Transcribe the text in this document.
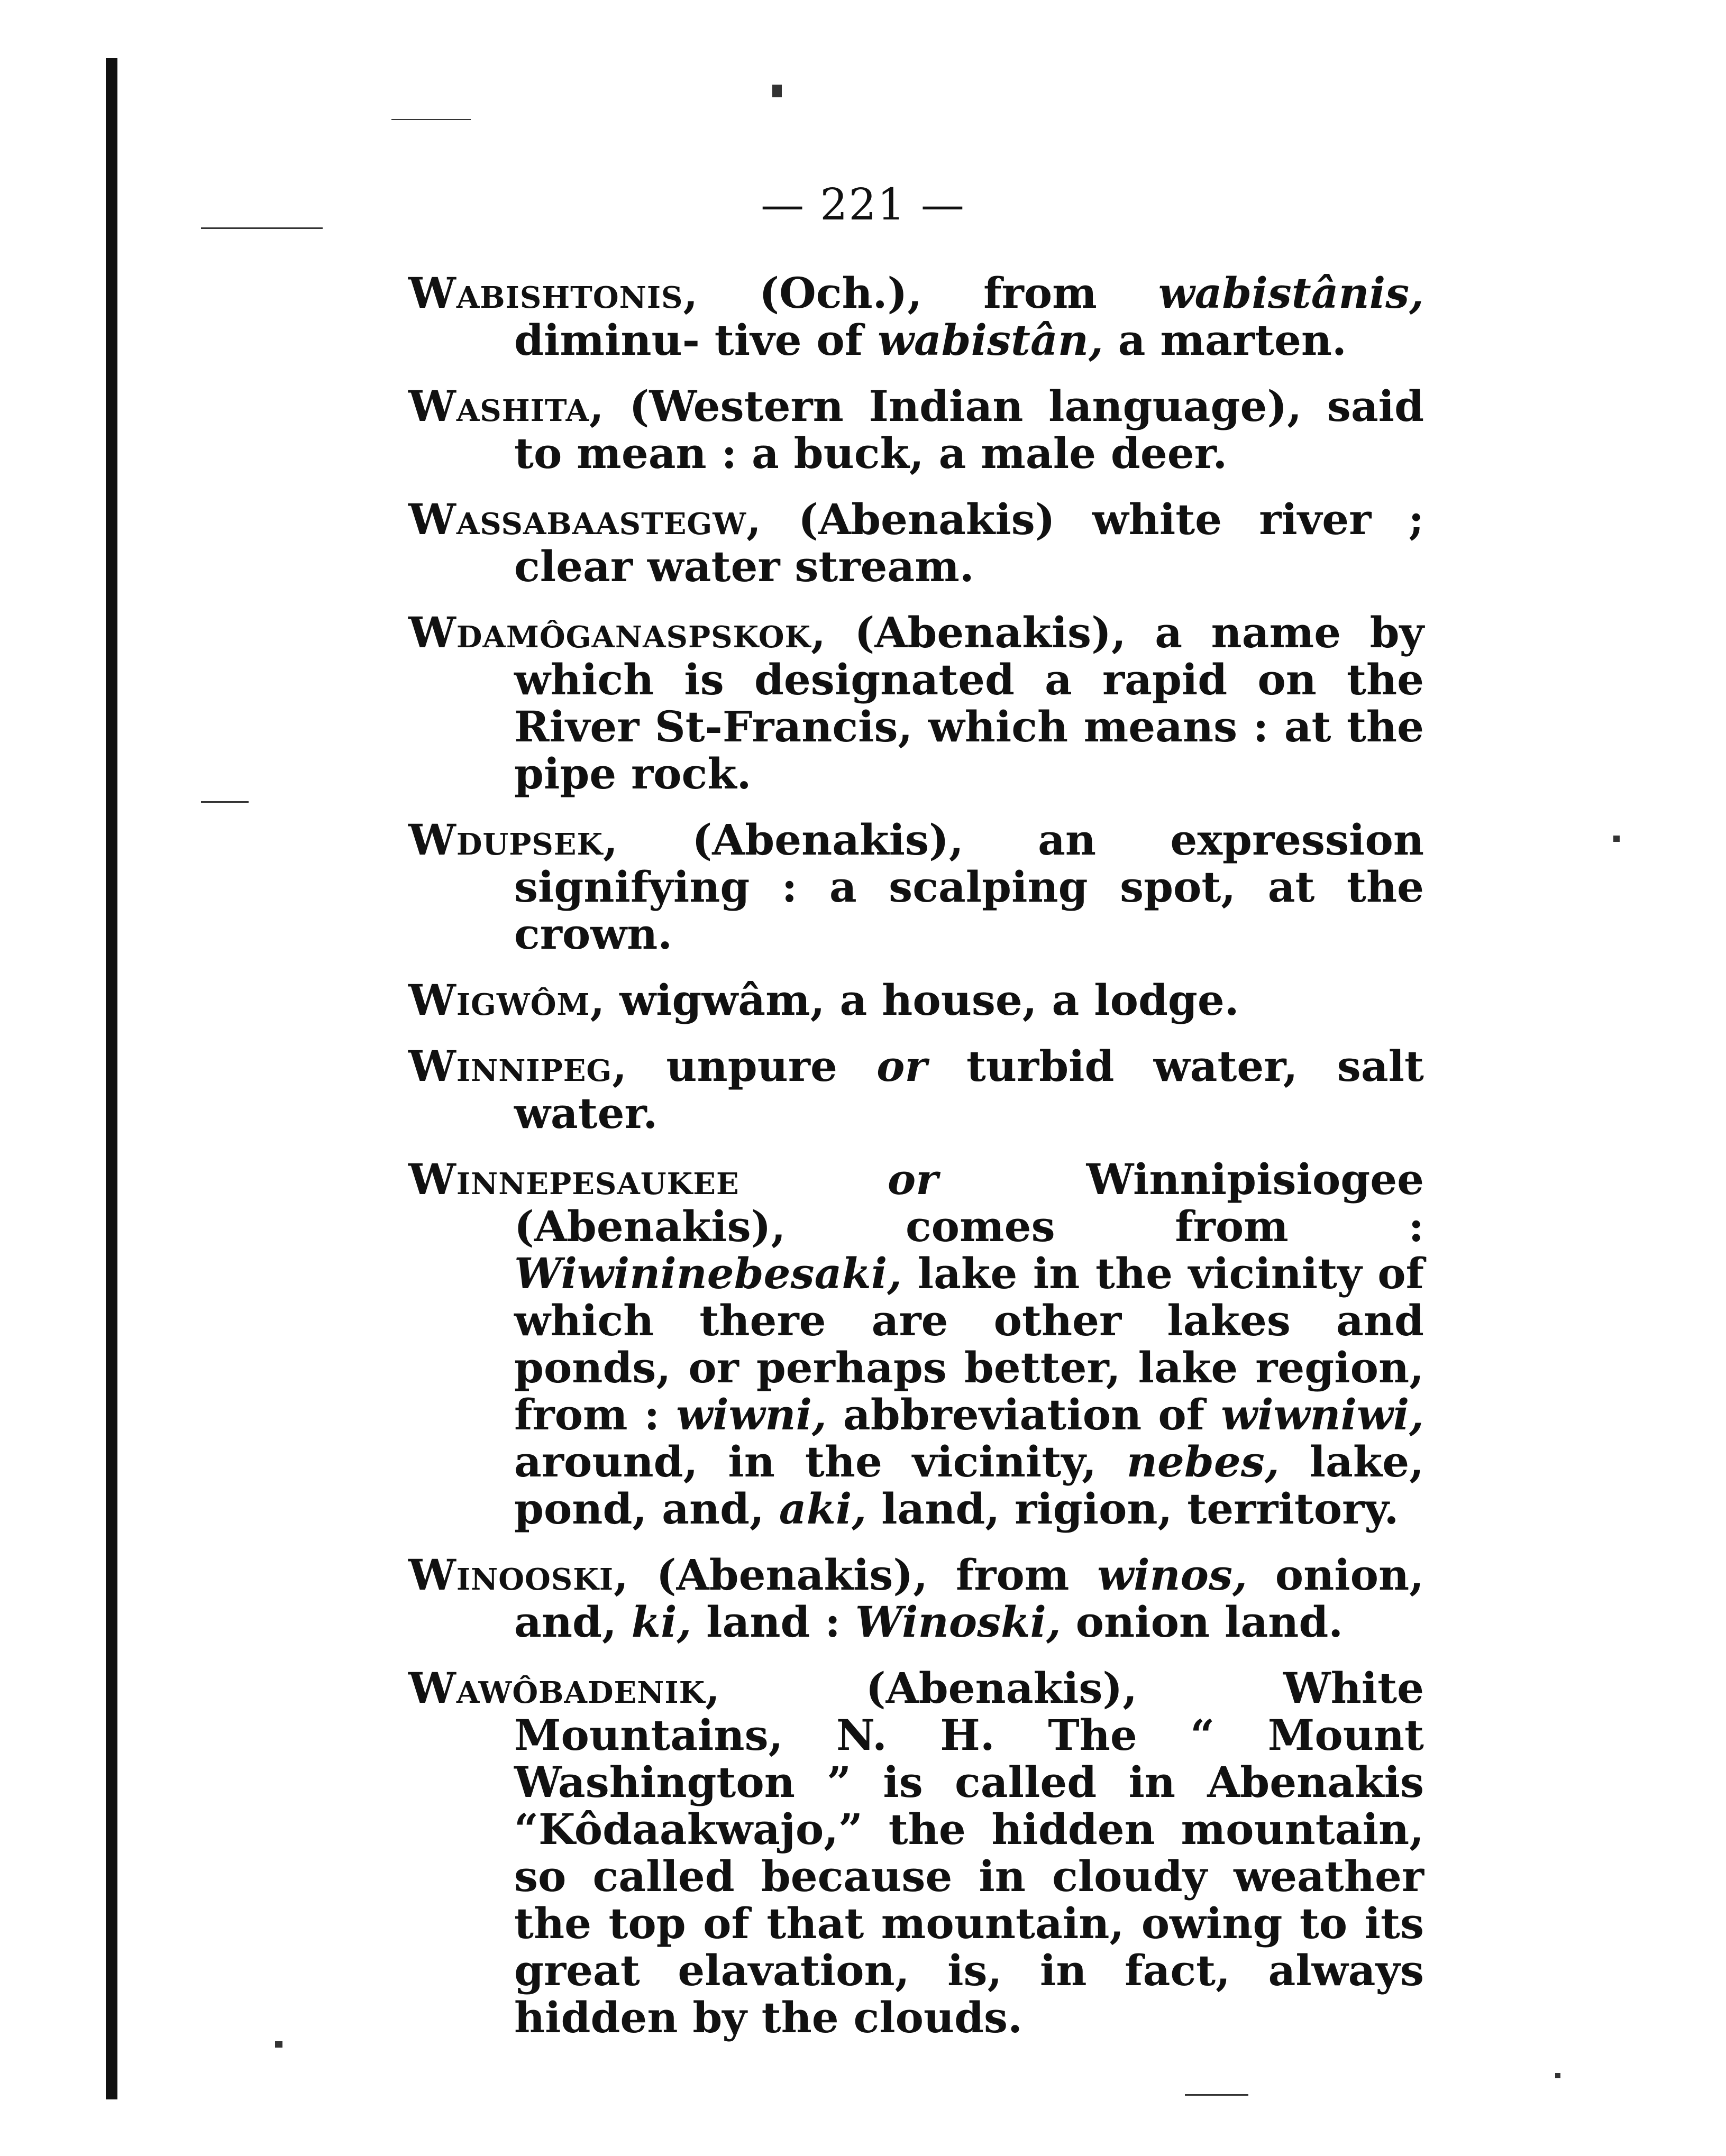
— 221 —

Wabishtonis, (Och.), from wabistânis, diminu- tive of wabistân, a marten.

Washita, (Western Indian language), said to mean : a buck, a male deer.

Wassabaastegw, (Abenakis) white river ; clear water stream.

Wdamôganaspskok, (Abenakis), a name by which is designated a rapid on the River St-Francis, which means : at the pipe rock.

Wdupsek, (Abenakis), an expression signifying : a scalping spot, at the crown.

Wigwôm, wigwâm, a house, a lodge.

Winnipeg, unpure or turbid water, salt water.

Winnepesaukee	or Winnipisiogee (Abenakis), comes from : Wiwininebesaki, lake in the vicinity of which there are other lakes and ponds, or perhaps better, lake region, from : wiwni, abbreviation of wiwniwi, around, in the vicinity, nebes, lake, pond, and, aki, land, rigion, territory.

Winooski, (Abenakis), from winos, onion, and, ki, land : Winoski, onion land.

Wawôbadenik, (Abenakis), White Mountains, N. H. The “ Mount Washington ” is called in Abenakis “Kôdaakwajo,” the hidden mountain, so called because in cloudy weather the top of that mountain, owing to its great elavation, is, in fact, always hidden by the clouds.
